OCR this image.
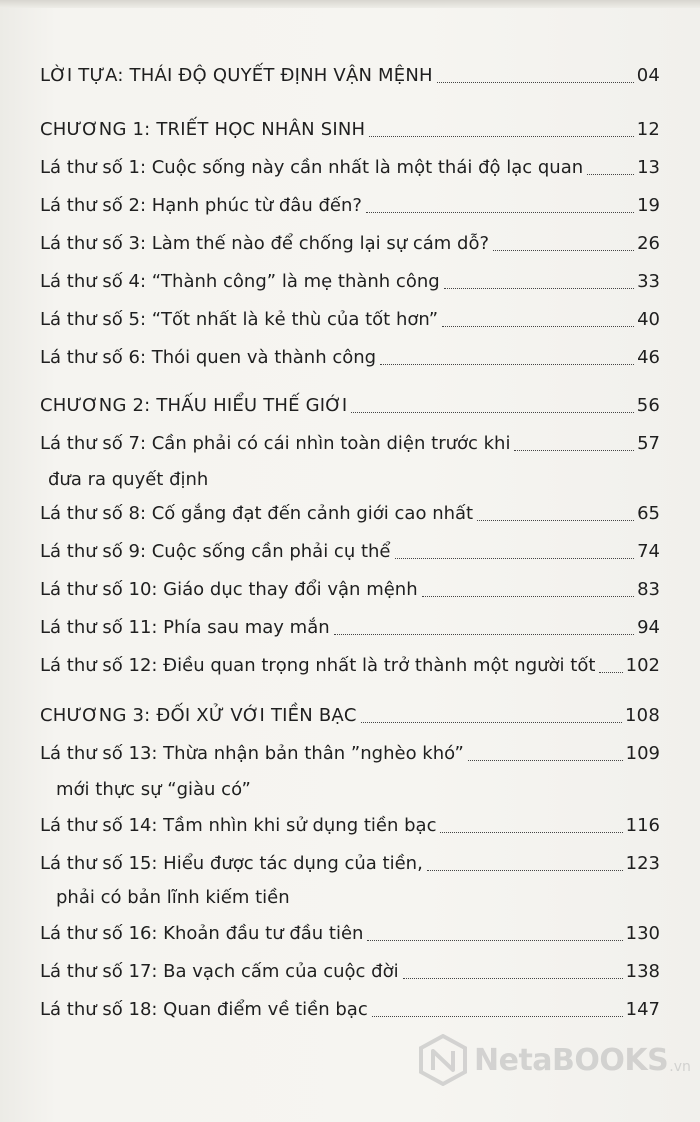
LỜI TỰA: THÁI ĐỘ QUYẾT ĐỊNH VẬN MỆNH	04
CHƯƠNG 1: TRIẾT HỌC NHÂN SINH	12
Lá thư số 1: Cuộc sống này cần nhất là một thái độ lạc quan	13
Lá thư số 2: Hạnh phúc từ đâu đến?	19
Lá thư số 3: Làm thế nào để chống lại sự cám dỗ?	26
Lá thư số 4: “Thành công” là mẹ thành công	33
Lá thư số 5: “Tốt nhất là kẻ thù của tốt hơn”	40
Lá thư số 6: Thói quen và thành công	46
CHƯƠNG 2: THẤU HIỂU THẾ GIỚI	56
Lá thư số 7: Cần phải có cái nhìn toàn diện trước khi	57
đưa ra quyết định
Lá thư số 8: Cố gắng đạt đến cảnh giới cao nhất	65
Lá thư số 9: Cuộc sống cần phải cụ thể	74
Lá thư số 10: Giáo dục thay đổi vận mệnh	83
Lá thư số 11: Phía sau may mắn	94
Lá thư số 12: Điều quan trọng nhất là trở thành một người tốt 102
CHƯƠNG 3: ĐỐI XỬ VỚI TIỀN BẠC	108
Lá thư số 13: Thừa nhận bản thân ”nghèo khó”	109
mới thực sự “giàu có”
Lá thư số 14: Tầm nhìn khi sử dụng tiền bạc	116
Lá thư số 15: Hiểu được tác dụng của tiền,	123
phải có bản lĩnh kiếm tiền
Lá thư số 16: Khoản đầu tư đầu tiên	130
Lá thư số 17: Ba vạch cấm của cuộc đời	138
Lá thư số 18: Quan điểm về tiền bạc	147
NetaBOOKS .vn
